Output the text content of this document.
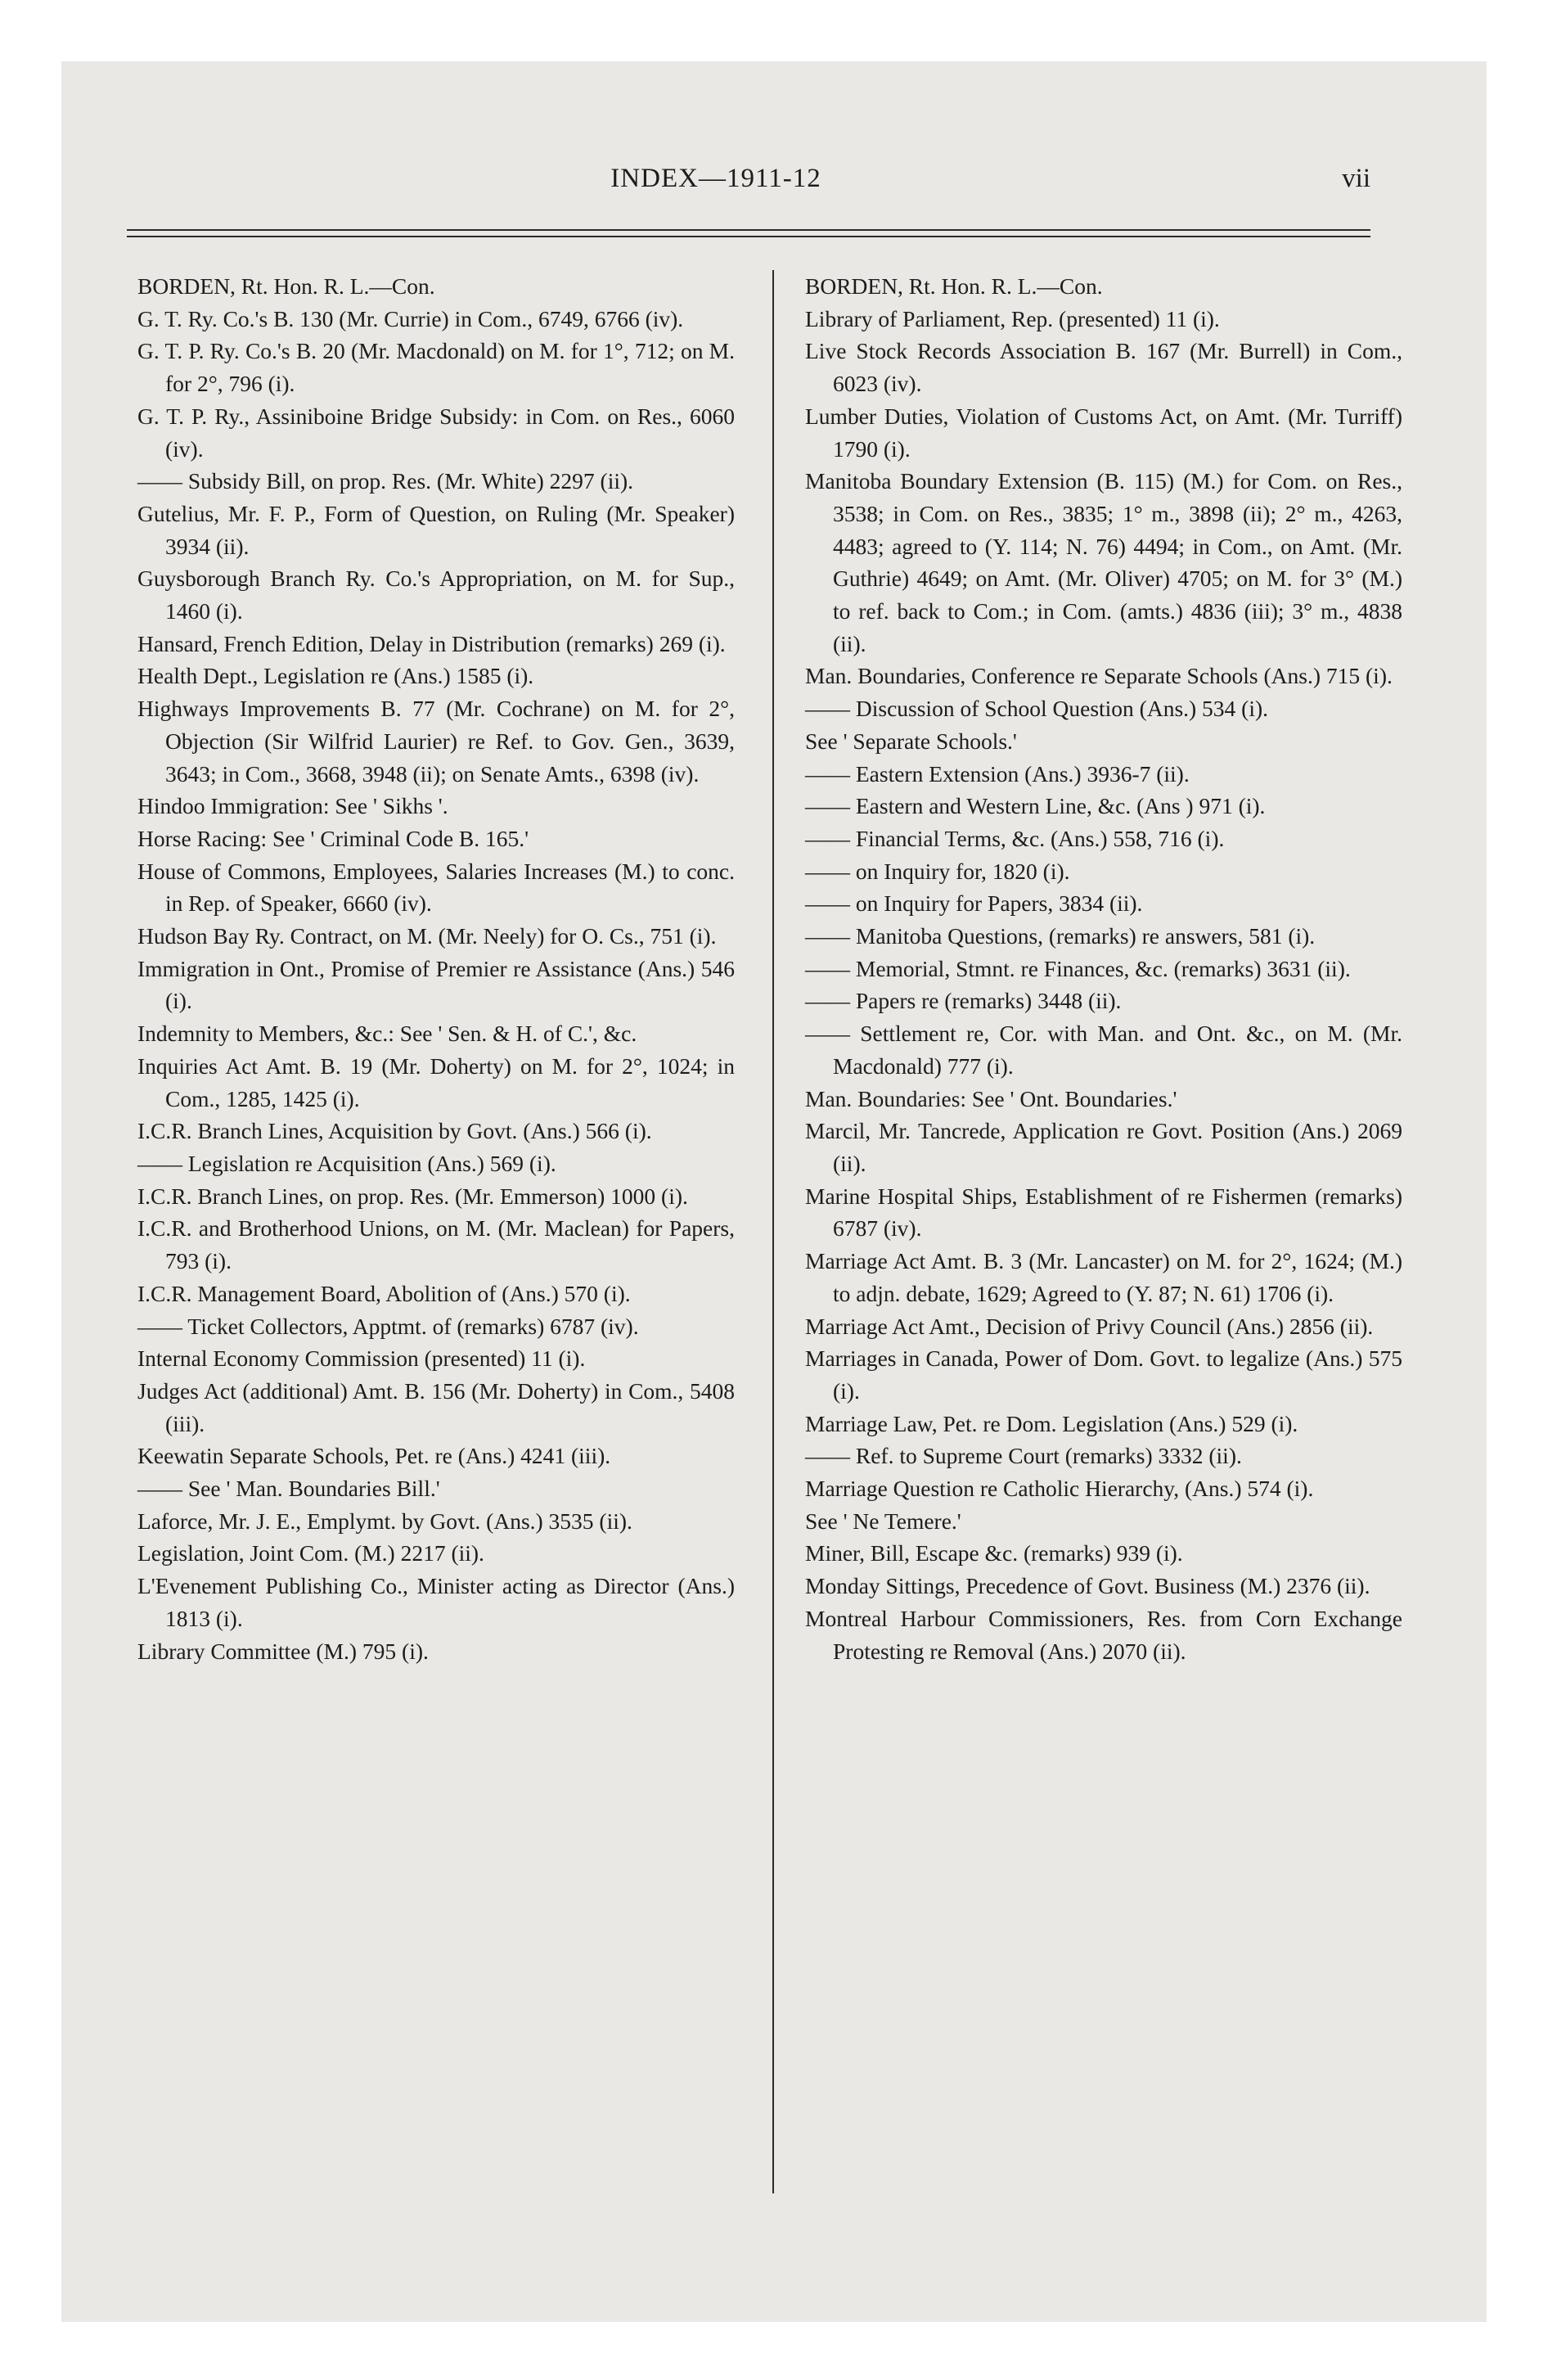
INDEX—1911-12	vii

BORDEN, Rt. Hon. R. L.—Con.

G. T. Ry. Co.'s B. 130 (Mr. Currie) in Com., 6749, 6766 (iv).

G. T. P. Ry. Co.'s B. 20 (Mr. Macdonald) on M. for 1°, 712; on M. for 2°, 796 (i).

G. T. P. Ry., Assiniboine Bridge Subsidy: in Com. on Res., 6060 (iv).

—— Subsidy Bill, on prop. Res. (Mr. White) 2297 (ii).

Gutelius, Mr. F. P., Form of Question, on Ruling (Mr. Speaker) 3934 (ii).

Guysborough Branch Ry. Co.'s Appropriation, on M. for Sup., 1460 (i).

Hansard, French Edition, Delay in Distribution (remarks) 269 (i).

Health Dept., Legislation re (Ans.) 1585 (i).

Highways Improvements B. 77 (Mr. Cochrane) on M. for 2°, Objection (Sir Wilfrid Laurier) re Ref. to Gov. Gen., 3639, 3643; in Com., 3668, 3948 (ii); on Senate Amts., 6398 (iv).

Hindoo Immigration: See ' Sikhs '.

Horse Racing: See ' Criminal Code B. 165.'

House of Commons, Employees, Salaries Increases (M.) to conc. in Rep. of Speaker, 6660 (iv).

Hudson Bay Ry. Contract, on M. (Mr. Neely) for O. Cs., 751 (i).

Immigration in Ont., Promise of Premier re Assistance (Ans.) 546 (i).

Indemnity to Members, &c.: See ' Sen. & H. of C.', &c.

Inquiries Act Amt. B. 19 (Mr. Doherty) on M. for 2°, 1024; in Com., 1285, 1425 (i).

I.C.R. Branch Lines, Acquisition by Govt. (Ans.) 566 (i).

—— Legislation re Acquisition (Ans.) 569 (i).

I.C.R. Branch Lines, on prop. Res. (Mr. Emmerson) 1000 (i).

I.C.R. and Brotherhood Unions, on M. (Mr. Maclean) for Papers, 793 (i).

I.C.R. Management Board, Abolition of (Ans.) 570 (i).

—— Ticket Collectors, Apptmt. of (remarks) 6787 (iv).

Internal Economy Commission (presented) 11 (i).

Judges Act (additional) Amt. B. 156 (Mr. Doherty) in Com., 5408 (iii).

Keewatin Separate Schools, Pet. re (Ans.) 4241 (iii).

—— See ' Man. Boundaries Bill.'

Laforce, Mr. J. E., Emplymt. by Govt. (Ans.) 3535 (ii).

Legislation, Joint Com. (M.) 2217 (ii).

L'Evenement Publishing Co., Minister acting as Director (Ans.) 1813 (i).

Library Committee (M.) 795 (i).

BORDEN, Rt. Hon. R. L.—Con.

Library of Parliament, Rep. (presented) 11 (i).

Live Stock Records Association B. 167 (Mr. Burrell) in Com., 6023 (iv).

Lumber Duties, Violation of Customs Act, on Amt. (Mr. Turriff) 1790 (i).

Manitoba Boundary Extension (B. 115) (M.) for Com. on Res., 3538; in Com. on Res., 3835; 1° m., 3898 (ii); 2° m., 4263, 4483; agreed to (Y. 114; N. 76) 4494; in Com., on Amt. (Mr. Guthrie) 4649; on Amt. (Mr. Oliver) 4705; on M. for 3° (M.) to ref. back to Com.; in Com. (amts.) 4836 (iii); 3° m., 4838 (ii).

Man. Boundaries, Conference re Separate Schools (Ans.) 715 (i).

—— Discussion of School Question (Ans.) 534 (i).

See ' Separate Schools.'

—— Eastern Extension (Ans.) 3936-7 (ii).

—— Eastern and Western Line, &c. (Ans ) 971 (i).

—— Financial Terms, &c. (Ans.) 558, 716 (i).

—— on Inquiry for, 1820 (i).

—— on Inquiry for Papers, 3834 (ii).

—— Manitoba Questions, (remarks) re answers, 581 (i).

—— Memorial, Stmnt. re Finances, &c. (remarks) 3631 (ii).

—— Papers re (remarks) 3448 (ii).

—— Settlement re, Cor. with Man. and Ont. &c., on M. (Mr. Macdonald) 777 (i).

Man. Boundaries: See ' Ont. Boundaries.'

Marcil, Mr. Tancrede, Application re Govt. Position (Ans.) 2069 (ii).

Marine Hospital Ships, Establishment of re Fishermen (remarks) 6787 (iv).

Marriage Act Amt. B. 3 (Mr. Lancaster) on M. for 2°, 1624; (M.) to adjn. debate, 1629; Agreed to (Y. 87; N. 61) 1706 (i).

Marriage Act Amt., Decision of Privy Council (Ans.) 2856 (ii).

Marriages in Canada, Power of Dom. Govt. to legalize (Ans.) 575 (i).

Marriage Law, Pet. re Dom. Legislation (Ans.) 529 (i).

—— Ref. to Supreme Court (remarks) 3332 (ii).

Marriage Question re Catholic Hierarchy, (Ans.) 574 (i).

See ' Ne Temere.'

Miner, Bill, Escape &c. (remarks) 939 (i).

Monday Sittings, Precedence of Govt. Business (M.) 2376 (ii).

Montreal Harbour Commissioners, Res. from Corn Exchange Protesting re Removal (Ans.) 2070 (ii).
